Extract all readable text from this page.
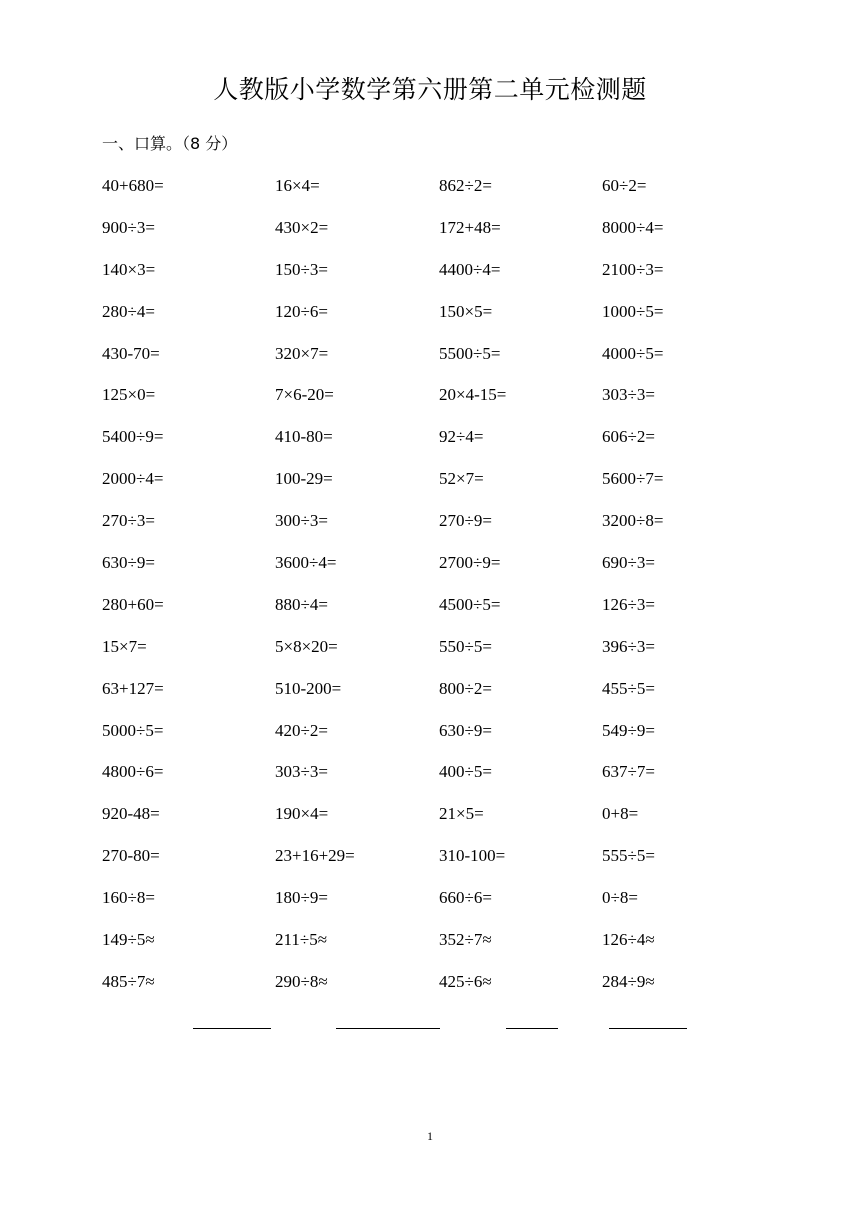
人教版小学数学第六册第二单元检测题
一、口算。（8 分）
40+680=	16×4=	862÷2=	60÷2=
900÷3=	430×2=	172+48=	8000÷4=
140×3=	150÷3=	4400÷4=	2100÷3=
280÷4=	120÷6=	150×5=	1000÷5=
430-70=	320×7=	5500÷5=	4000÷5=
125×0=	7×6-20=	20×4-15=	303÷3=
5400÷9=	410-80=	92÷4=	606÷2=
2000÷4=	100-29=	52×7=	5600÷7=
270÷3=	300÷3=	270÷9=	3200÷8=
630÷9=	3600÷4=	2700÷9=	690÷3=
280+60=	880÷4=	4500÷5=	126÷3=
15×7=	5×8×20=	550÷5=	396÷3=
63+127=	510-200=	800÷2=	455÷5=
5000÷5=	420÷2=	630÷9=	549÷9=
4800÷6=	303÷3=	400÷5=	637÷7=
920-48=	190×4=	21×5=	0+8=
270-80=	23+16+29=	310-100=	555÷5=
160÷8=	180÷9=	660÷6=	0÷8=
149÷5≈	211÷5≈	352÷7≈	126÷4≈
485÷7≈	290÷8≈	425÷6≈	284÷9≈
1
